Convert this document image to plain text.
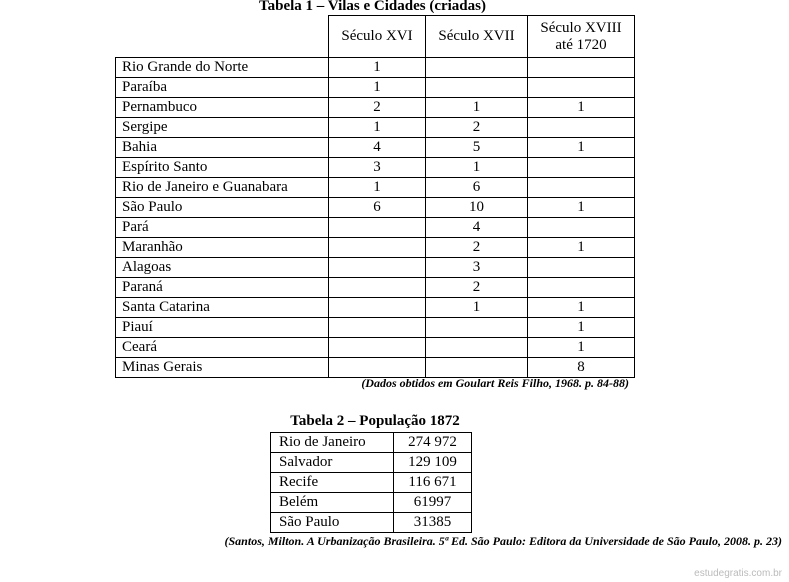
Tabela 1 – Vilas e Cidades (criadas)
	Século XVI	Século XVII	Século XVIII
até 1720
Rio Grande do Norte	1		
Paraíba	1		
Pernambuco	2	1	1
Sergipe	1	2	
Bahia	4	5	1
Espírito Santo	3	1	
Rio de Janeiro e Guanabara	1	6	
São Paulo	6	10	1
Pará		4	
Maranhão		2	1
Alagoas		3	
Paraná		2	
Santa Catarina		1	1
Piauí			1
Ceará			1
Minas Gerais			8
(Dados obtidos em Goulart Reis Filho, 1968. p. 84-88)
Tabela 2 – População 1872
Rio de Janeiro	274 972
Salvador	129 109
Recife	116 671
Belém	61997
São Paulo	31385
(Santos, Milton. A Urbanização Brasileira. 5ª Ed. São Paulo: Editora da Universidade de São Paulo, 2008. p. 23)
estudegratis.com.br
